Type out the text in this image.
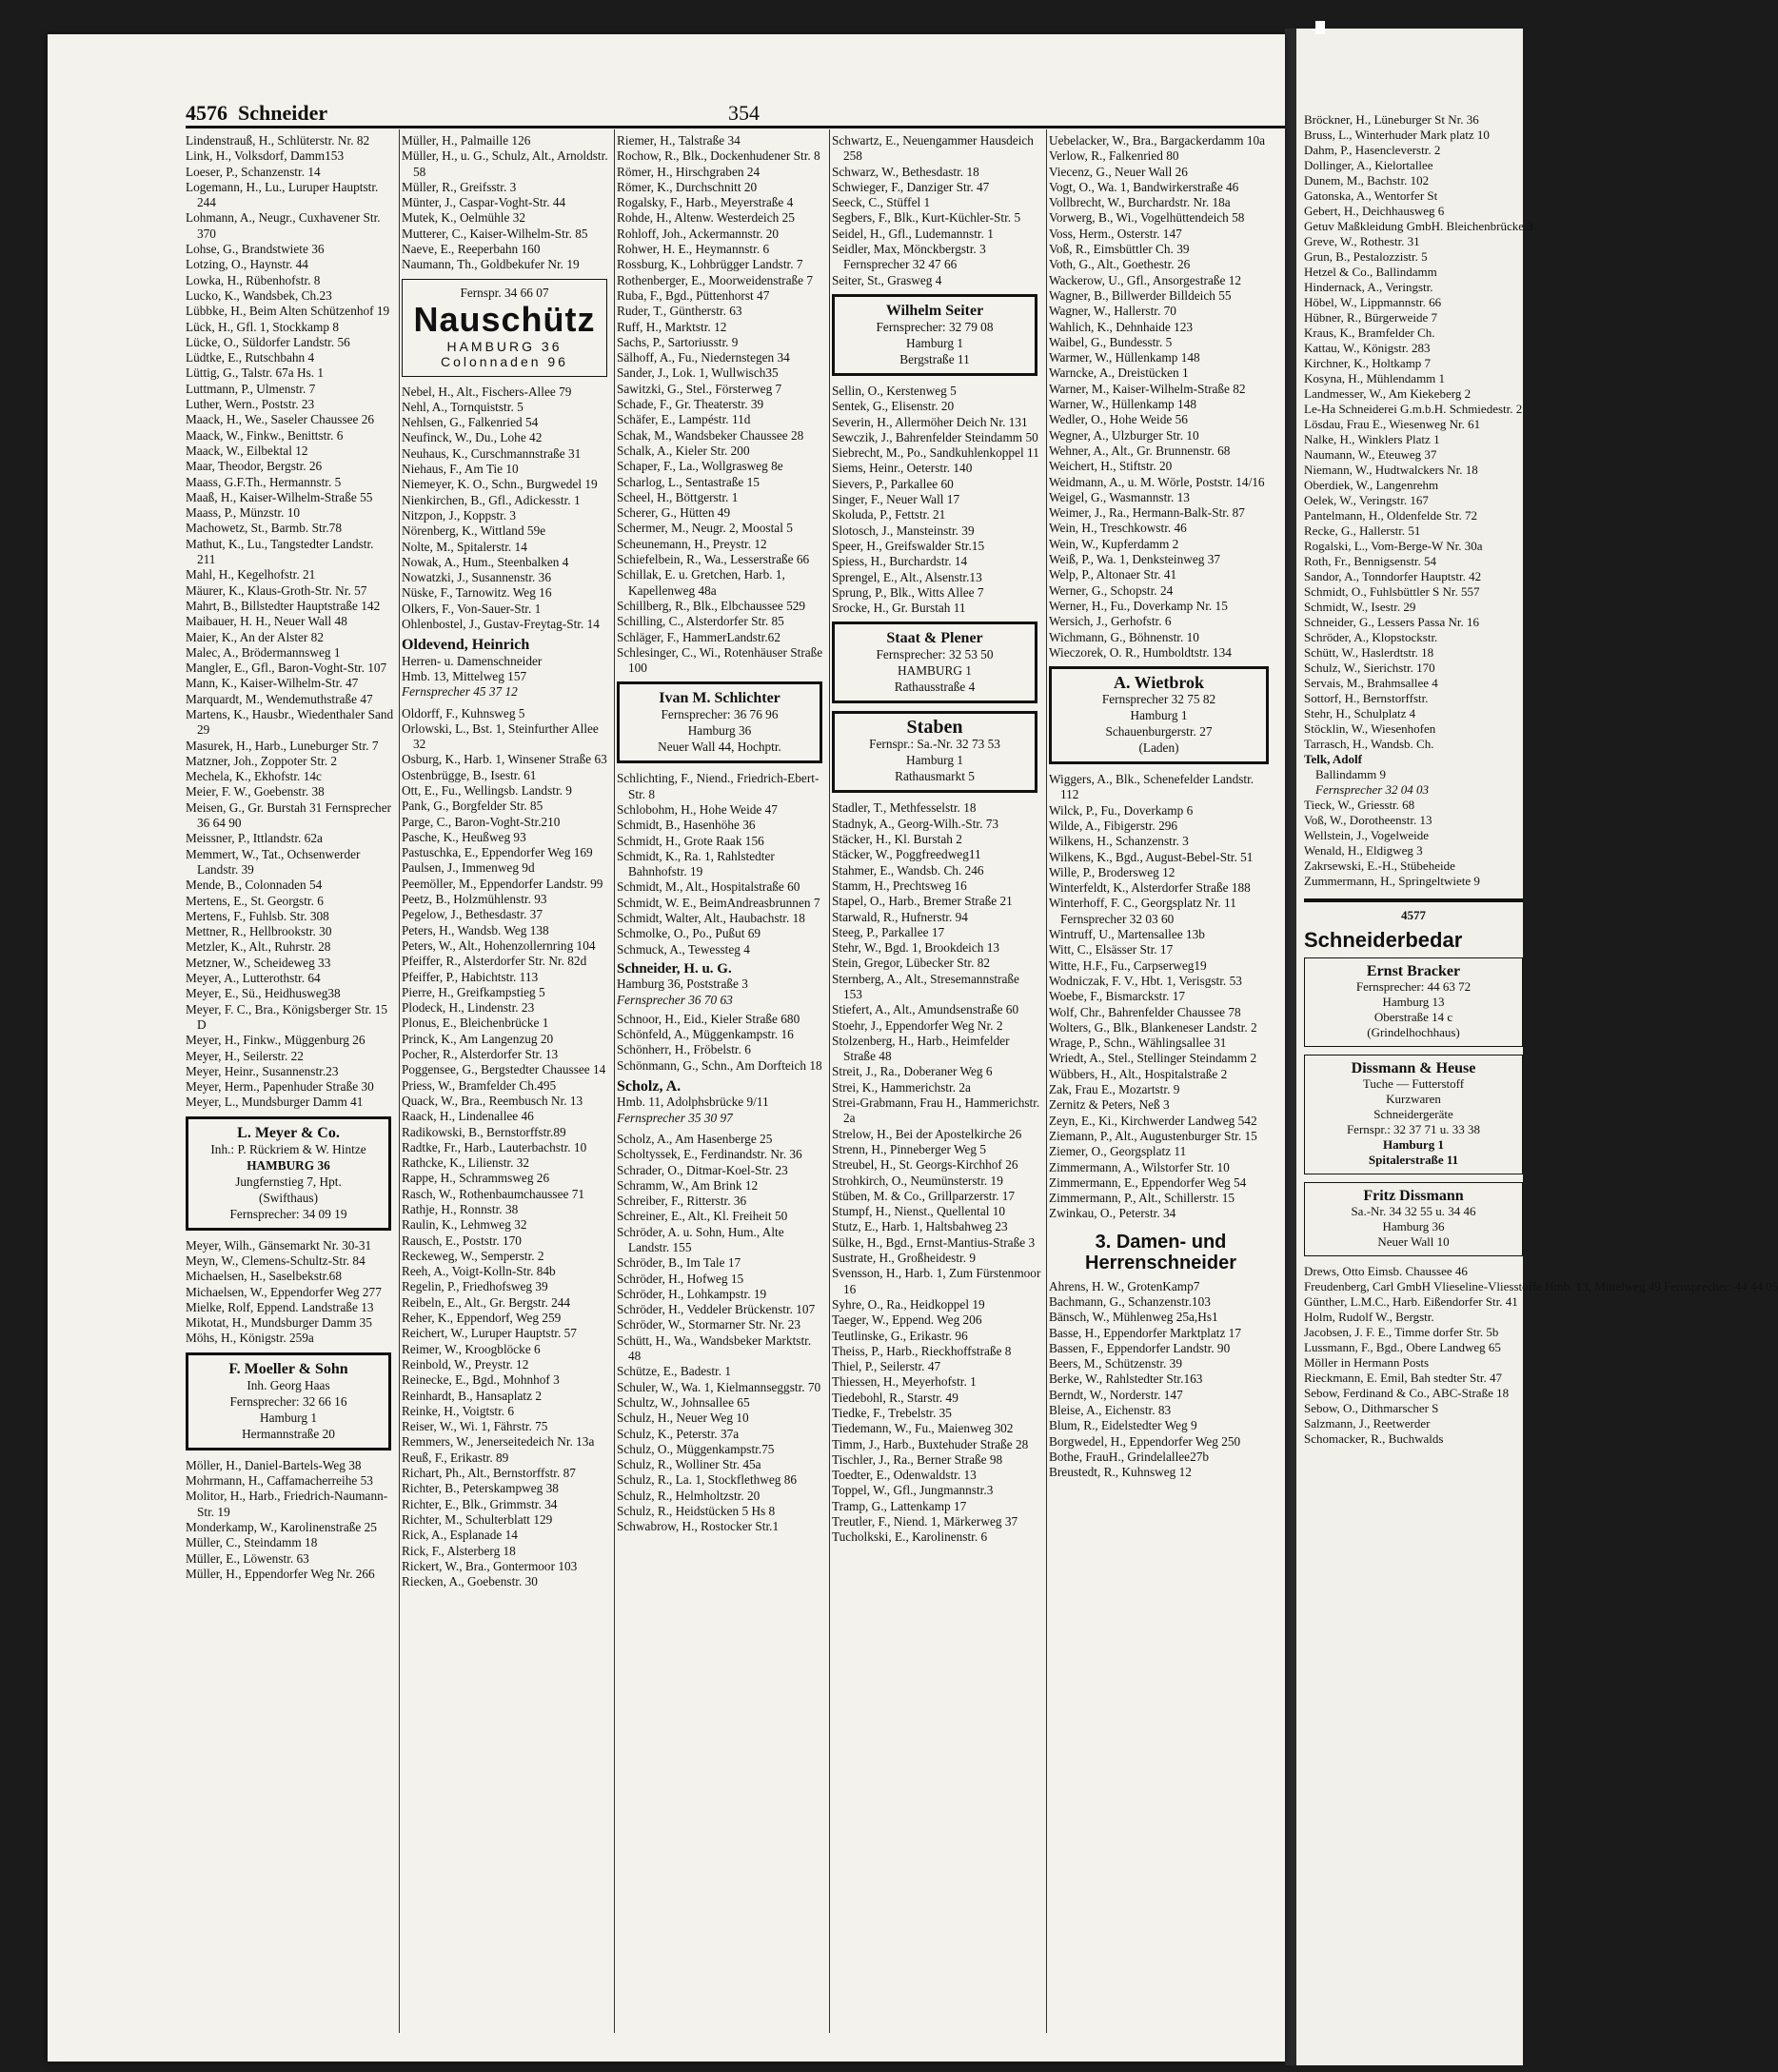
4576 Schneider	354
Lindenstrauß, H., Schlüterstr. Nr. 82
Link, H., Volksdorf, Damm153
Loeser, P., Schanzenstr. 14
Logemann, H., Lu., Luruper Hauptstr. 244
Lohmann, A., Neugr., Cuxhavener Str. 370
Lohse, G., Brandstwiete 36
Lotzing, O., Haynstr. 44
Lowka, H., Rübenhofstr. 8
Lucko, K., Wandsbek, Ch.23
Lübbke, H., Beim Alten Schützenhof 19
Lück, H., Gfl. 1, Stockkamp 8
Lücke, O., Süldorfer Landstr. 56
Lüdtke, E., Rutschbahn 4
Lüttig, G., Talstr. 67a Hs. 1
Luttmann, P., Ulmenstr. 7
Luther, Wern., Poststr. 23
Maack, H., We., Saseler Chaussee 26
Maack, W., Finkw., Benittstr. 6
Maack, W., Eilbektal 12
Maar, Theodor, Bergstr. 26
Maass, G.F.Th., Hermannstr. 5
Maaß, H., Kaiser-Wilhelm-Straße 55
Maass, P., Münzstr. 10
Machowetz, St., Barmb. Str.78
Mathut, K., Lu., Tangstedter Landstr. 211
Mahl, H., Kegelhofstr. 21
Mäurer, K., Klaus-Groth-Str. Nr. 57
Mahrt, B., Billstedter Hauptstraße 142
Maibauer, H. H., Neuer Wall 48
Maier, K., An der Alster 82
Malec, A., Brödermannsweg 1
Mangler, E., Gfl., Baron-Voght-Str. 107
Mann, K., Kaiser-Wilhelm-Str. 47
Marquardt, M., Wendemuthstraße 47
Martens, K., Hausbr., Wiedenthaler Sand 29
Masurek, H., Harb., Luneburger Str. 7
Matzner, Joh., Zoppoter Str. 2
Mechela, K., Ekhofstr. 14c
Meier, F. W., Goebenstr. 38
Meisen, G., Gr. Burstah 31 Fernsprecher 36 64 90
Meissner, P., Ittlandstr. 62a
Memmert, W., Tat., Ochsenwerder Landstr. 39
Mende, B., Colonnaden 54
Mertens, E., St. Georgstr. 6
Mertens, F., Fuhlsb. Str. 308
Mettner, R., Hellbrookstr. 30
Metzler, K., Alt., Ruhrstr. 28
Metzner, W., Scheideweg 33
Meyer, A., Lutterothstr. 64
Meyer, E., Sü., Heidhusweg38
Meyer, F. C., Bra., Königsberger Str. 15 D
Meyer, H., Finkw., Müggenburg 26
Meyer, H., Seilerstr. 22
Meyer, Heinr., Susannenstr.23
Meyer, Herm., Papenhuder Straße 30
Meyer, L., Mundsburger Damm 41
L. Meyer & Co.
Inh.: P. Rückriem & W. Hintze
HAMBURG 36
Jungfernstieg 7, Hpt.
(Swifthaus)
Fernsprecher: 34 09 19
Meyer, Wilh., Gänsemarkt Nr. 30-31
Meyn, W., Clemens-Schultz-Str. 84
Michaelsen, H., Saselbekstr.68
Michaelsen, W., Eppendorfer Weg 277
Mielke, Rolf, Eppend. Landstraße 13
Mikotat, H., Mundsburger Damm 35
Möhs, H., Königstr. 259a
F. Moeller & Sohn
Inh. Georg Haas
Fernsprecher: 32 66 16
Hamburg 1
Hermannstraße 20
Möller, H., Daniel-Bartels-Weg 38
Mohrmann, H., Caffamacherreihe 53
Molitor, H., Harb., Friedrich-Naumann-Str. 19
Monderkamp, W., Karolinenstraße 25
Müller, C., Steindamm 18
Müller, E., Löwenstr. 63
Müller, H., Eppendorfer Weg Nr. 266
Müller, H., Palmaille 126
Müller, H., u. G., Schulz, Alt., Arnoldstr. 58
Müller, R., Greifsstr. 3
Münter, J., Caspar-Voght-Str. 44
Mutek, K., Oelmühle 32
Mutterer, C., Kaiser-Wilhelm-Str. 85
Naeve, E., Reeperbahn 160
Naumann, Th., Goldbekufer Nr. 19
Fernspr. 34 66 07
Nauschütz
HAMBURG 36
Colonnaden 96
Nebel, H., Alt., Fischers-Allee 79
Nehl, A., Tornquiststr. 5
Nehlsen, G., Falkenried 54
Neufinck, W., Du., Lohe 42
Neuhaus, K., Curschmannstraße 31
Niehaus, F., Am Tie 10
Niemeyer, K. O., Schn., Burgwedel 19
Nienkirchen, B., Gfl., Adickesstr. 1
Nitzpon, J., Koppstr. 3
Nörenberg, K., Wittland 59e
Nolte, M., Spitalerstr. 14
Nowak, A., Hum., Steenbalken 4
Nowatzki, J., Susannenstr. 36
Nüske, F., Tarnowitz. Weg 16
Olkers, F., Von-Sauer-Str. 1
Ohlenbostel, J., Gustav-Freytag-Str. 14
Oldevend, Heinrich
Herren- u. Damenschneider
Hmb. 13, Mittelweg 157
Fernsprecher 45 37 12
Oldorff, F., Kuhnsweg 5
Orlowski, L., Bst. 1, Steinfurther Allee 32
Osburg, K., Harb. 1, Winsener Straße 63
Ostenbrügge, B., Isestr. 61
Ott, E., Fu., Wellingsb. Landstr. 9
Pank, G., Borgfelder Str. 85
Parge, C., Baron-Voght-Str.210
Pasche, K., Heußweg 93
Pastuschka, E., Eppendorfer Weg 169
Paulsen, J., Immenweg 9d
Peemöller, M., Eppendorfer Landstr. 99
Peetz, B., Holzmühlenstr. 93
Pegelow, J., Bethesdastr. 37
Peters, H., Wandsb. Weg 138
Peters, W., Alt., Hohenzollernring 104
Pfeiffer, R., Alsterdorfer Str. Nr. 82d
Pfeiffer, P., Habichtstr. 113
Pierre, H., Greifkampstieg 5
Plodeck, H., Lindenstr. 23
Plonus, E., Bleichenbrücke 1
Princk, K., Am Langenzug 20
Pocher, R., Alsterdorfer Str. 13
Poggensee, G., Bergstedter Chaussee 14
Priess, W., Bramfelder Ch.495
Quack, W., Bra., Reembusch Nr. 13
Raack, H., Lindenallee 46
Radikowski, B., Bernstorffstr.89
Radtke, Fr., Harb., Lauterbachstr. 10
Rathcke, K., Lilienstr. 32
Rappe, H., Schrammsweg 26
Rasch, W., Rothenbaumchaussee 71
Rathje, H., Ronnstr. 38
Raulin, K., Lehmweg 32
Rausch, E., Poststr. 170
Reckeweg, W., Semperstr. 2
Reeh, A., Voigt-Kolln-Str. 84b
Regelin, P., Friedhofsweg 39
Reibeln, E., Alt., Gr. Bergstr. 244
Reher, K., Eppendorf, Weg 259
Reichert, W., Luruper Hauptstr. 57
Reimer, W., Kroogblöcke 6
Reinbold, W., Preystr. 12
Reinecke, E., Bgd., Mohnhof 3
Reinhardt, B., Hansaplatz 2
Reinke, H., Voigtstr. 6
Reiser, W., Wi. 1, Fährstr. 75
Remmers, W., Jenerseitedeich Nr. 13a
Reuß, F., Erikastr. 89
Richart, Ph., Alt., Bernstorffstr. 87
Richter, B., Peterskampweg 38
Richter, E., Blk., Grimmstr. 34
Richter, M., Schulterblatt 129
Rick, A., Esplanade 14
Rick, F., Alsterberg 18
Rickert, W., Bra., Gontermoor 103
Riecken, A., Goebenstr. 30
Riemer, H., Talstraße 34
Rochow, R., Blk., Dockenhudener Str. 8
Römer, H., Hirschgraben 24
Römer, K., Durchschnitt 20
Rogalsky, F., Harb., Meyerstraße 4
Rohde, H., Altenw. Westerdeich 25
Rohloff, Joh., Ackermannstr. 20
Rohwer, H. E., Heymannstr. 6
Rossburg, K., Lohbrügger Landstr. 7
Rothenberger, E., Moorweidenstraße 7
Ruba, F., Bgd., Püttenhorst 47
Ruder, T., Güntherstr. 63
Ruff, H., Marktstr. 12
Sachs, P., Sartoriusstr. 9
Sälhoff, A., Fu., Niedernstegen 34
Sander, J., Lok. 1, Wullwisch35
Sawitzki, G., Stel., Försterweg 7
Schade, F., Gr. Theaterstr. 39
Schäfer, E., Lampéstr. 11d
Schak, M., Wandsbeker Chaussee 28
Schalk, A., Kieler Str. 200
Schaper, F., La., Wollgrasweg 8e
Scharlog, L., Sentastraße 15
Scheel, H., Böttgerstr. 1
Scherer, G., Hütten 49
Schermer, M., Neugr. 2, Moostal 5
Scheunemann, H., Preystr. 12
Schiefelbein, R., Wa., Lesserstraße 66
Schillak, E. u. Gretchen, Harb. 1, Kapellenweg 48a
Schillberg, R., Blk., Elbchaussee 529
Schilling, C., Alsterdorfer Str. 85
Schläger, F., HammerLandstr.62
Schlesinger, C., Wi., Rotenhäuser Straße 100
Ivan M. Schlichter
Fernsprecher: 36 76 96
Hamburg 36
Neuer Wall 44, Hochptr.
Schlichting, F., Niend., Friedrich-Ebert-Str. 8
Schlobohm, H., Hohe Weide 47
Schmidt, B., Hasenhöhe 36
Schmidt, H., Grote Raak 156
Schmidt, K., Ra. 1, Rahlstedter Bahnhofstr. 19
Schmidt, M., Alt., Hospitalstraße 60
Schmidt, W. E., BeimAndreasbrunnen 7
Schmidt, Walter, Alt., Haubachstr. 18
Schmolke, O., Po., Pußut 69
Schmuck, A., Tewessteg 4
Schneider, H. u. G.
Hamburg 36, Poststraße 3
Fernsprecher 36 70 63
Schnoor, H., Eid., Kieler Straße 680
Schönfeld, A., Müggenkampstr. 16
Schönherr, H., Fröbelstr. 6
Schönmann, G., Schn., Am Dorfteich 18
Scholz, A.
Hmb. 11, Adolphsbrücke 9/11
Fernsprecher 35 30 97
Scholz, A., Am Hasenberge 25
Scholtyssek, E., Ferdinandstr. Nr. 36
Schrader, O., Ditmar-Koel-Str. 23
Schramm, W., Am Brink 12
Schreiber, F., Ritterstr. 36
Schreiner, E., Alt., Kl. Freiheit 50
Schröder, A. u. Sohn, Hum., Alte Landstr. 155
Schröder, B., Im Tale 17
Schröder, H., Hofweg 15
Schröder, H., Lohkampstr. 19
Schröder, H., Veddeler Brückenstr. 107
Schröder, W., Stormarner Str. Nr. 23
Schütt, H., Wa., Wandsbeker Marktstr. 48
Schütze, E., Badestr. 1
Schuler, W., Wa. 1, Kielmannseggstr. 70
Schultz, W., Johnsallee 65
Schulz, H., Neuer Weg 10
Schulz, K., Peterstr. 37a
Schulz, O., Müggenkampstr.75
Schulz, R., Wolliner Str. 45a
Schulz, R., La. 1, Stockflethweg 86
Schulz, R., Helmholtzstr. 20
Schulz, R., Heidstücken 5 Hs 8
Schwabrow, H., Rostocker Str.1
Schwartz, E., Neuengammer Hausdeich 258
Schwarz, W., Bethesdastr. 18
Schwieger, F., Danziger Str. 47
Seeck, C., Stüffel 1
Segbers, F., Blk., Kurt-Küchler-Str. 5
Seidel, H., Gfl., Ludemannstr. 1
Seidler, Max, Mönckbergstr. 3 Fernsprecher 32 47 66
Seiter, St., Grasweg 4
Wilhelm Seiter
Fernsprecher: 32 79 08
Hamburg 1
Bergstraße 11
Sellin, O., Kerstenweg 5
Sentek, G., Elisenstr. 20
Severin, H., Allermöher Deich Nr. 131
Sewczik, J., Bahrenfelder Steindamm 50
Siebrecht, M., Po., Sandkuhlenkoppel 11
Siems, Heinr., Oeterstr. 140
Sievers, P., Parkallee 60
Singer, F., Neuer Wall 17
Skoluda, P., Fettstr. 21
Slotosch, J., Mansteinstr. 39
Speer, H., Greifswalder Str.15
Spiess, H., Burchardstr. 14
Sprengel, E., Alt., Alsenstr.13
Sprung, P., Blk., Witts Allee 7
Srocke, H., Gr. Burstah 11
Staat & Plener
Fernsprecher: 32 53 50
HAMBURG 1
Rathausstraße 4
Staben
Fernspr.: Sa.-Nr. 32 73 53
Hamburg 1
Rathausmarkt 5
Stadler, T., Methfesselstr. 18
Stadnyk, A., Georg-Wilh.-Str. 73
Stäcker, H., Kl. Burstah 2
Stäcker, W., Poggfreedweg11
Stahmer, E., Wandsb. Ch. 246
Stamm, H., Prechtsweg 16
Stapel, O., Harb., Bremer Straße 21
Starwald, R., Hufnerstr. 94
Steeg, P., Parkallee 17
Stehr, W., Bgd. 1, Brookdeich 13
Stein, Gregor, Lübecker Str. 82
Sternberg, A., Alt., Stresemannstraße 153
Stiefert, A., Alt., Amundsenstraße 60
Stoehr, J., Eppendorfer Weg Nr. 2
Stolzenberg, H., Harb., Heimfelder Straße 48
Streit, J., Ra., Doberaner Weg 6
Strei, K., Hammerichstr. 2a
Strei-Grabmann, Frau H., Hammerichstr. 2a
Strelow, H., Bei der Apostelkirche 26
Strenn, H., Pinneberger Weg 5
Streubel, H., St. Georgs-Kirchhof 26
Strohkirch, O., Neumünsterstr. 19
Stüben, M. & Co., Grillparzerstr. 17
Stumpf, H., Nienst., Quellental 10
Stutz, E., Harb. 1, Haltsbahweg 23
Sülke, H., Bgd., Ernst-Mantius-Straße 3
Sustrate, H., Großheidestr. 9
Svensson, H., Harb. 1, Zum Fürstenmoor 16
Syhre, O., Ra., Heidkoppel 19
Taeger, W., Eppend. Weg 206
Teutlinske, G., Erikastr. 96
Theiss, P., Harb., Rieckhoffstraße 8
Thiel, P., Seilerstr. 47
Thiessen, H., Meyerhofstr. 1
Tiedebohl, R., Starstr. 49
Tiedke, F., Trebelstr. 35
Tiedemann, W., Fu., Maienweg 302
Timm, J., Harb., Buxtehuder Straße 28
Tischler, J., Ra., Berner Straße 98
Toedter, E., Odenwaldstr. 13
Toppel, W., Gfl., Jungmannstr.3
Tramp, G., Lattenkamp 17
Treutler, F., Niend. 1, Märkerweg 37
Tucholkski, E., Karolinenstr. 6
Uebelacker, W., Bra., Bargackerdamm 10a
Verlow, R., Falkenried 80
Viecenz, G., Neuer Wall 26
Vogt, O., Wa. 1, Bandwirkerstraße 46
Vollbrecht, W., Burchardstr. Nr. 18a
Vorwerg, B., Wi., Vogelhüttendeich 58
Voss, Herm., Osterstr. 147
Voß, R., Eimsbüttler Ch. 39
Voth, G., Alt., Goethestr. 26
Wackerow, U., Gfl., Ansorgestraße 12
Wagner, B., Billwerder Billdeich 55
Wagner, W., Hallerstr. 70
Wahlich, K., Dehnhaide 123
Waibel, G., Bundesstr. 5
Warmer, W., Hüllenkamp 148
Warncke, A., Dreistücken 1
Warner, M., Kaiser-Wilhelm-Straße 82
Warner, W., Hüllenkamp 148
Wedler, O., Hohe Weide 56
Wegner, A., Ulzburger Str. 10
Wehner, A., Alt., Gr. Brunnenstr. 68
Weichert, H., Stiftstr. 20
Weidmann, A., u. M. Wörle, Poststr. 14/16
Weigel, G., Wasmannstr. 13
Weimer, J., Ra., Hermann-Balk-Str. 87
Wein, H., Treschkowstr. 46
Wein, W., Kupferdamm 2
Weiß, P., Wa. 1, Denksteinweg 37
Welp, P., Altonaer Str. 41
Werner, G., Schopstr. 24
Werner, H., Fu., Doverkamp Nr. 15
Wersich, J., Gerhofstr. 6
Wichmann, G., Böhnenstr. 10
Wieczorek, O. R., Humboldtstr. 134
A. Wietbrok
Fernsprecher 32 75 82
Hamburg 1
Schauenburgerstr. 27
(Laden)
Wiggers, A., Blk., Schenefelder Landstr. 112
Wilck, P., Fu., Doverkamp 6
Wilde, A., Fibigerstr. 296
Wilkens, H., Schanzenstr. 3
Wilkens, K., Bgd., August-Bebel-Str. 51
Wille, P., Brodersweg 12
Winterfeldt, K., Alsterdorfer Straße 188
Winterhoff, F. C., Georgsplatz Nr. 11 Fernsprecher 32 03 60
Wintruff, U., Martensallee 13b
Witt, C., Elsässer Str. 17
Witte, H.F., Fu., Carpserweg19
Wodniczak, F. V., Hbt. 1, Verisgstr. 53
Woebe, F., Bismarckstr. 17
Wolf, Chr., Bahrenfelder Chaussee 78
Wolters, G., Blk., Blankeneser Landstr. 2
Wrage, P., Schn., Wählingsallee 31
Wriedt, A., Stel., Stellinger Steindamm 2
Wübbers, H., Alt., Hospitalstraße 2
Zak, Frau E., Mozartstr. 9
Zernitz & Peters, Neß 3
Zeyn, E., Ki., Kirchwerder Landweg 542
Ziemann, P., Alt., Augustenburger Str. 15
Ziemer, O., Georgsplatz 11
Zimmermann, A., Wilstorfer Str. 10
Zimmermann, E., Eppendorfer Weg 54
Zimmermann, P., Alt., Schillerstr. 15
Zwinkau, O., Peterstr. 34
3. Damen- und
Herrenschneider
Ahrens, H. W., GrotenKamp7
Bachmann, G., Schanzenstr.103
Bänsch, W., Mühlenweg 25a,Hs1
Basse, H., Eppendorfer Marktplatz 17
Bassen, F., Eppendorfer Landstr. 90
Beers, M., Schützenstr. 39
Berke, W., Rahlstedter Str.163
Berndt, W., Norderstr. 147
Bleise, A., Eichenstr. 83
Blum, R., Eidelstedter Weg 9
Borgwedel, H., Eppendorfer Weg 250
Bothe, FrauH., Grindelallee27b
Breustedt, R., Kuhnsweg 12
Bröckner, H., Lüneburger St Nr. 36
Bruss, L., Winterhuder Mark platz 10
Dahm, P., Hasencleverstr. 2
Dollinger, A., Kielortallee
Dunem, M., Bachstr. 102
Gatonska, A., Wentorfer St
Gebert, H., Deichhausweg 6
Getuv Maßkleidung GmbH. Bleichenbrücke 3
Greve, W., Rothestr. 31
Grun, B., Pestalozzistr. 5
Hetzel & Co., Ballindamm
Hindernack, A., Veringstr.
Höbel, W., Lippmannstr. 66
Hübner, R., Bürgerweide 7
Kraus, K., Bramfelder Ch.
Kattau, W., Königstr. 283
Kirchner, K., Holtkamp 7
Kosyna, H., Mühlendamm 1
Landmesser, W., Am Kiekeberg 2
Le-Ha Schneiderei G.m.b.H. Schmiedestr. 2
Lösdau, Frau E., Wiesenweg Nr. 61
Nalke, H., Winklers Platz 1
Naumann, W., Eteuweg 37
Niemann, W., Hudtwalckers Nr. 18
Oberdiek, W., Langenrehm
Oelek, W., Veringstr. 167
Pantelmann, H., Oldenfelde Str. 72
Recke, G., Hallerstr. 51
Rogalski, L., Vom-Berge-W Nr. 30a
Roth, Fr., Bennigsenstr. 54
Sandor, A., Tonndorfer Hauptstr. 42
Schmidt, O., Fuhlsbüttler S Nr. 557
Schmidt, W., Isestr. 29
Schneider, G., Lessers Passa Nr. 16
Schröder, A., Klopstockstr.
Schütt, W., Haslerdtstr. 18
Schulz, W., Sierichstr. 170
Servais, M., Brahmsallee 4
Sottorf, H., Bernstorffstr.
Stehr, H., Schulplatz 4
Stöcklin, W., Wiesenhofen
Tarrasch, H., Wandsb. Ch.
Telk, Adolf
Ballindamm 9
Fernsprecher 32 04 03
Tieck, W., Griesstr. 68
Voß, W., Dorotheenstr. 13
Wellstein, J., Vogelweide
Wenald, H., Eldigweg 3
Zakrsewski, E.-H., Stübeheide
Zummermann, H., Springeltwiete 9
4577
Schneiderbedar
Ernst Bracker
Fernsprecher: 44 63 72
Hamburg 13
Oberstraße 14 c
(Grindelhochhaus)
Dissmann & Heuse
Tuche — Futterstoff
Kurzwaren
Schneidergeräte
Fernspr.: 32 37 71 u. 33 38
Hamburg 1
Spitalerstraße 11
Fritz Dissmann
Sa.-Nr. 34 32 55 u. 34 46
Hamburg 36
Neuer Wall 10
Drews, Otto Eimsb. Chaussee 46
Freudenberg, Carl GmbH Vlieseline-Vliesstoffe Hmb. 13, Mittelweg 49 Fernsprecher: 44 44 05
Günther, L.M.C., Harb. Eißendorfer Str. 41
Holm, Rudolf W., Bergstr.
Jacobsen, J. F. E., Timme dorfer Str. 5b
Lussmann, F., Bgd., Obere Landweg 65
Möller in Hermann Posts
Rieckmann, E. Emil, Bah stedter Str. 47
Sebow, Ferdinand & Co., ABC-Straße 18
Sebow, O., Dithmarscher S
Salzmann, J., Reetwerder
Schomacker, R., Buchwalds
